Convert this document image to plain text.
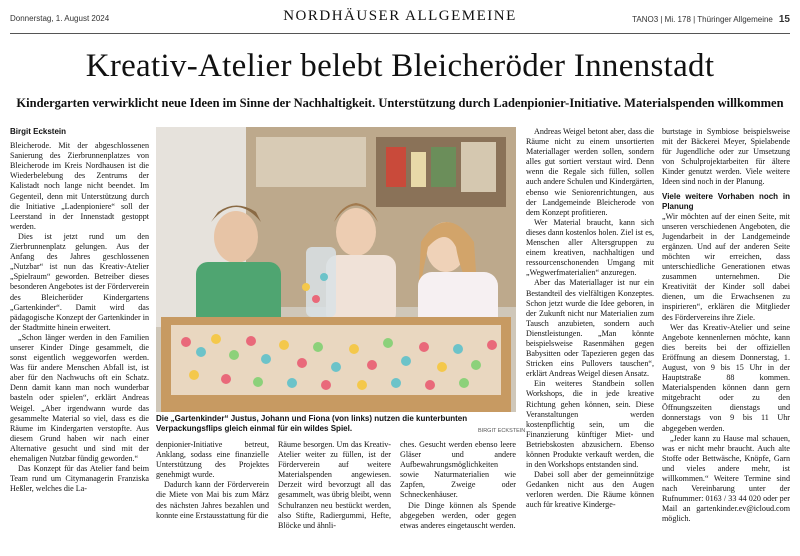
Donnerstag, 1. August 2024	NORDHÄUSER ALLGEMEINE	TANO3 | Mi. 178 | Thüringer Allgemeine 15
Kreativ-Atelier belebt Bleicheröder Innenstadt
Kindergarten verwirklicht neue Ideen im Sinne der Nachhaltigkeit. Unterstützung durch Ladenpionier-Initiative. Materialspenden willkommen

Birgit Eckstein

Bleicherode. Mit der abgeschlossenen Sanierung des Zierbrunnenplatzes von Bleicherode im Kreis Nordhausen ist die Wiederbelebung des Zentrums der Kalistadt noch lange nicht beendet. Im Gegenteil, denn mit Unterstützung durch die Initiative „Ladenpioniere“ soll der Leerstand in der Innenstadt gestoppt werden.

Dies ist jetzt rund um den Zierbrunnenplatz gelungen. Aus der Anfang des Jahres geschlossenen „Nutzbar“ ist nun das Kreativ-Atelier „Spielraum“ geworden. Betreiber dieses besonderen Angebotes ist der Förderverein des Bleicheröder Kindergartens „Gartenkinder“. Damit wird das pädagogische Konzept der Gartenkinder in der Stadtmitte hinein erweitert.

„Schon länger werden in den Familien unserer Kinder Dinge gesammelt, die sonst eigentlich weggeworfen werden. Was für andere Menschen Abfall ist, ist aber für den Nachwuchs oft ein Schatz. Denn damit kann man noch wunderbar basteln oder spielen“, erklärt Andreas Weigel. „Aber irgendwann wurde das gesammelte Material so viel, dass es die Räume im Kindergarten verstopfte. Aus diesem Grund haben wir nach einer Alternative gesucht und sind mit der ehemaligen Nutzbar fündig geworden.“

Das Konzept für das Atelier fand beim Team rund um Citymanagerin Franziska Heßler, welches die La-

Die „Gartenkinder“ Justus, Johann und Fiona (von links) nutzen die kunterbunten Verpackungsflips gleich einmal für ein wildes Spiel.	BIRGIT ECKSTEIN

denpionier-Initiative betreut, Anklang, sodass eine finanzielle Unterstützung des Projektes genehmigt wurde.

Dadurch kann der Förderverein die Miete von Mai bis zum März des nächsten Jahres bezahlen und konnte eine Erstausstattung für die

Räume besorgen. Um das Kreativ-Atelier weiter zu füllen, ist der Förderverein auf weitere Materialspenden angewiesen. Derzeit wird bevorzugt all das gesammelt, was übrig bleibt, wenn Schulranzen neu bestückt werden, also Stifte, Radiergummi, Hefte, Blöcke und ähnli-

ches. Gesucht werden ebenso leere Gläser und andere Aufbewahrungsmöglichkeiten sowie Naturmaterialien wie Zapfen, Zweige oder Schneckenhäuser.

Die Dinge können als Spende abgegeben werden, oder gegen etwas anderes eingetauscht werden.

Andreas Weigel betont aber, dass die Räume nicht zu einem unsortierten Materiallager werden sollen, sondern alles gut sortiert verstaut wird. Denn wenn die Regale sich füllen, sollen auch andere Schulen und Kindergärten, ebenso wie Seniorenrichtungen, aus der Landgemeinde Bleicherode von dem Konzept profitieren.

Wer Material braucht, kann sich dieses dann kostenlos holen. Ziel ist es, Menschen aller Altersgruppen zu einem kreativen, nachhaltigen und ressourcenschonenden Umgang mit „Wegwerfmaterialien“ anzuregen.

Aber das Materiallager ist nur ein Bestandteil des vielfältigen Konzeptes. Schon jetzt wurde die Idee geboren, in der Zukunft nicht nur Materialien zum Tausch anzubieten, sondern auch Dienstleistungen. „Man könnte beispielsweise Rasenmähen gegen Babysitten oder Tapezieren gegen das Stricken eins Pullovers tauschen“, erklärt Andreas Weigel diesen Ansatz.

Ein weiteres Standbein sollen Workshops, die in jede kreative Richtung gehen können, sein. Diese Veranstaltungen werden kostenpflichtig sein, um die Finanzierung künftiger Miet- und Betriebskosten abzusichern. Ebenso können Produkte verkauft werden, die in den Workshops entstanden sind.

Dabei soll aber der gemeinnützige Gedanken nicht aus den Augen verloren werden. Die Räume können auch für kreative Kinderge-

burtstage in Symbiose beispielsweise mit der Bäckerei Meyer, Spielabende für Jugendliche oder zur Umsetzung von Schulprojektarbeiten für ältere Kinder genutzt werden. Viele weitere Ideen sind noch in der Planung.

Viele weitere Vorhaben noch in Planung

„Wir möchten auf der einen Seite, mit unseren verschiedenen Angeboten, die Jugendarbeit in der Landgemeinde ergänzen. Und auf der anderen Seite möchten wir erreichen, dass unterschiedliche Generationen etwas zusammen unternehmen. Die Kreativität der Kinder soll dabei dienen, um die Erwachsenen zu inspirieren“, erklären die Mitglieder des Fördervereins ihre Ziele.

Wer das Kreativ-Atelier und seine Angebote kennenlernen möchte, kann dies bereits bei der offiziellen Eröffnung an diesem Donnerstag, 1. August, von 9 bis 15 Uhr in der Hauptstraße 88 kommen. Materialspenden können dann gern mitgebracht oder zu den Öffnungszeiten dienstags und donnerstags von 9 bis 11 Uhr abgegeben werden.

„Jeder kann zu Hause mal schauen, was er nicht mehr braucht. Auch alte Stoffe oder Bettwäsche, Knöpfe, Garn und vieles andere mehr, ist willkommen.“ Weitere Termine sind nach Vereinbarung unter der Rufnummer: 0163 / 33 44 020 oder per Mail an gartenkinder.ev@icloud.com möglich.
